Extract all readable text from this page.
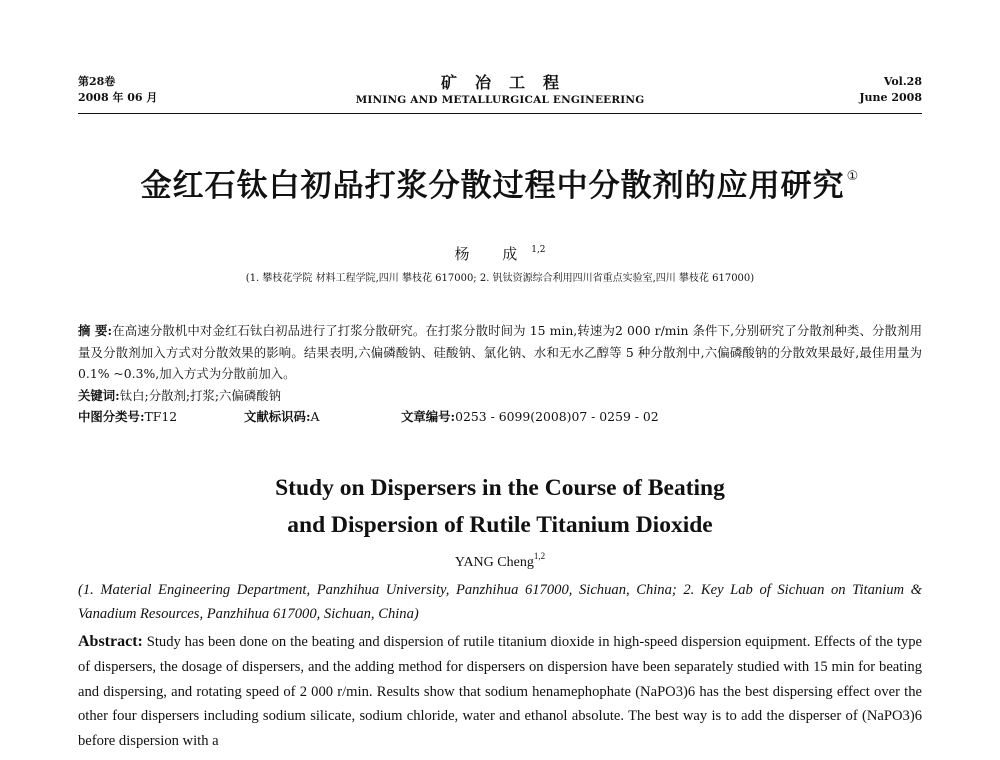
第28卷
2008 年 06 月
矿冶工程
MINING AND METALLURGICAL ENGINEERING
Vol.28
June 2008
金红石钛白初品打浆分散过程中分散剂的应用研究 ①
杨 成$^{1,2}$
(1. 攀枝花学院 材料工程学院,四川 攀枝花 617000; 2. 钒钛资源综合利用四川省重点实验室,四川 攀枝花 617000)

摘 要:在高速分散机中对金红石钛白初品进行了打浆分散研究。在打浆分散时间为 15 min,转速为2 000 r/min 条件下,分别研究了分散剂种类、分散剂用量及分散剂加入方式对分散效果的影响。结果表明,六偏磷酸钠、硅酸钠、氯化钠、水和无水乙醇等 5 种分散剂中,六偏磷酸钠的分散效果最好,最佳用量为 0.1% ~0.3%,加入方式为分散前加入。

关键词:钛白;分散剂;打浆;六偏磷酸钠

中图分类号:TF12	文献标识码:A	文章编号:0253 - 6099(2008)07 - 0259 - 02

Study on Dispersers in the Course of Beating
and Dispersion of Rutile Titanium Dioxide
YANG Cheng$^{1,2}$
(1. Material Engineering Department, Panzhihua University, Panzhihua 617000, Sichuan, China; 2. Key Lab of Sichuan on Titanium & Vanadium Resources, Panzhihua 617000, Sichuan, China)
Abstract: Study has been done on the beating and dispersion of rutile titanium dioxide in high-speed dispersion equipment. Effects of the type of dispersers, the dosage of dispersers, and the adding method for dispersers on dispersion have been separately studied with 15 min for beating and dispersing, and rotating speed of 2 000 r/min. Results show that sodium henamephophate (NaPO3)6 has the best dispersing effect over the other four dispersers including sodium silicate, sodium chloride, water and ethanol absolute. The best way is to add the disperser of (NaPO3)6 before dispersion with a
